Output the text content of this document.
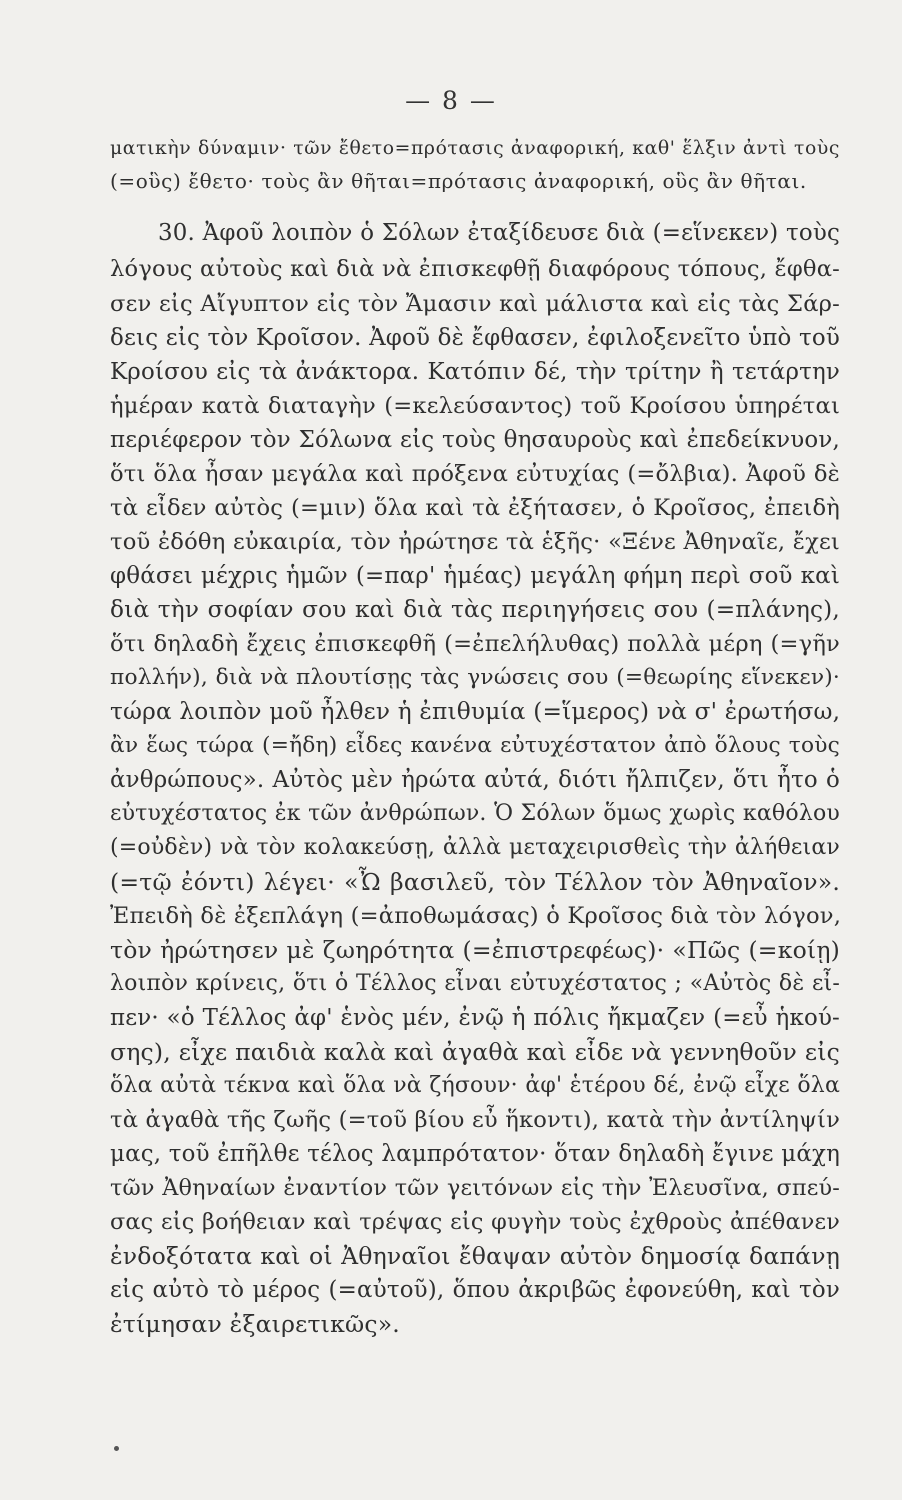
— 8 —
ματικὴν δύναμιν· τῶν ἔθετο=πρότασις ἀναφορική, καθ' ἕλξιν ἀντὶ τοὺς
(=οὓς) ἔθετο· τοὺς ἂν θῆται=πρότασις ἀναφορική, οὓς ἂν θῆται.
30. Ἀφοῦ λοιπὸν ὁ Σόλων ἐταξίδευσε διὰ (=εἵνεκεν) τοὺς
λόγους αὐτοὺς καὶ διὰ νὰ ἐπισκεφθῇ διαφόρους τόπους, ἔφθα-
σεν εἰς Αἴγυπτον εἰς τὸν Ἄμασιν καὶ μάλιστα καὶ εἰς τὰς Σάρ-
δεις εἰς τὸν Κροῖσον. Ἀφοῦ δὲ ἔφθασεν, ἐφιλοξενεῖτο ὑπὸ τοῦ
Κροίσου εἰς τὰ ἀνάκτορα. Κατόπιν δέ, τὴν τρίτην ἢ τετάρτην
ἡμέραν κατὰ διαταγὴν (=κελεύσαντος) τοῦ Κροίσου ὑπηρέται
περιέφερον τὸν Σόλωνα εἰς τοὺς θησαυροὺς καὶ ἐπεδείκνυον,
ὅτι ὅλα ἦσαν μεγάλα καὶ πρόξενα εὐτυχίας (=ὄλβια). Ἀφοῦ δὲ
τὰ εἶδεν αὐτὸς (=μιν) ὅλα καὶ τὰ ἐξήτασεν, ὁ Κροῖσος, ἐπειδὴ
τοῦ ἐδόθη εὐκαιρία, τὸν ἠρώτησε τὰ ἑξῆς· «Ξένε Ἀθηναῖε, ἔχει
φθάσει μέχρις ἡμῶν (=παρ' ἡμέας) μεγάλη φήμη περὶ σοῦ καὶ
διὰ τὴν σοφίαν σου καὶ διὰ τὰς περιηγήσεις σου (=πλάνης),
ὅτι δηλαδὴ ἔχεις ἐπισκεφθῆ (=ἐπελήλυθας) πολλὰ μέρη (=γῆν
πολλήν), διὰ νὰ πλουτίσῃς τὰς γνώσεις σου (=θεωρίης εἵνεκεν)·
τώρα λοιπὸν μοῦ ἦλθεν ἡ ἐπιθυμία (=ἵμερος) νὰ σ' ἐρωτήσω,
ἂν ἕως τώρα (=ἤδη) εἶδες κανένα εὐτυχέστατον ἀπὸ ὅλους τοὺς
ἀνθρώπους». Αὐτὸς μὲν ἠρώτα αὐτά, διότι ἤλπιζεν, ὅτι ἦτο ὁ
εὐτυχέστατος ἐκ τῶν ἀνθρώπων. Ὁ Σόλων ὅμως χωρὶς καθόλου
(=οὐδὲν) νὰ τὸν κολακεύσῃ, ἀλλὰ μεταχειρισθεὶς τὴν ἀλήθειαν
(=τῷ ἐόντι) λέγει· «Ὦ βασιλεῦ, τὸν Τέλλον τὸν Ἀθηναῖον».
Ἐπειδὴ δὲ ἐξεπλάγη (=ἀποθωμάσας) ὁ Κροῖσος διὰ τὸν λόγον,
τὸν ἠρώτησεν μὲ ζωηρότητα (=ἐπιστρεφέως)· «Πῶς (=κοίῃ)
λοιπὸν κρίνεις, ὅτι ὁ Τέλλος εἶναι εὐτυχέστατος ; «Αὐτὸς δὲ εἶ-
πεν· «ὁ Τέλλος ἀφ' ἑνὸς μέν, ἐνῷ ἡ πόλις ἤκμαζεν (=εὖ ἡκού-
σης), εἶχε παιδιὰ καλὰ καὶ ἀγαθὰ καὶ εἶδε νὰ γεννηθοῦν εἰς
ὅλα αὐτὰ τέκνα καὶ ὅλα νὰ ζήσουν· ἀφ' ἑτέρου δέ, ἐνῷ εἶχε ὅλα
τὰ ἀγαθὰ τῆς ζωῆς (=τοῦ βίου εὖ ἥκοντι), κατὰ τὴν ἀντίληψίν
μας, τοῦ ἐπῆλθε τέλος λαμπρότατον· ὅταν δηλαδὴ ἔγινε μάχη
τῶν Ἀθηναίων ἐναντίον τῶν γειτόνων εἰς τὴν Ἐλευσῖνα, σπεύ-
σας εἰς βοήθειαν καὶ τρέψας εἰς φυγὴν τοὺς ἐχθροὺς ἀπέθανεν
ἐνδοξότατα καὶ οἱ Ἀθηναῖοι ἔθαψαν αὐτὸν δημοσίᾳ δαπάνῃ
εἰς αὐτὸ τὸ μέρος (=αὐτοῦ), ὅπου ἀκριβῶς ἐφονεύθη, καὶ τὸν
ἐτίμησαν ἐξαιρετικῶς».
